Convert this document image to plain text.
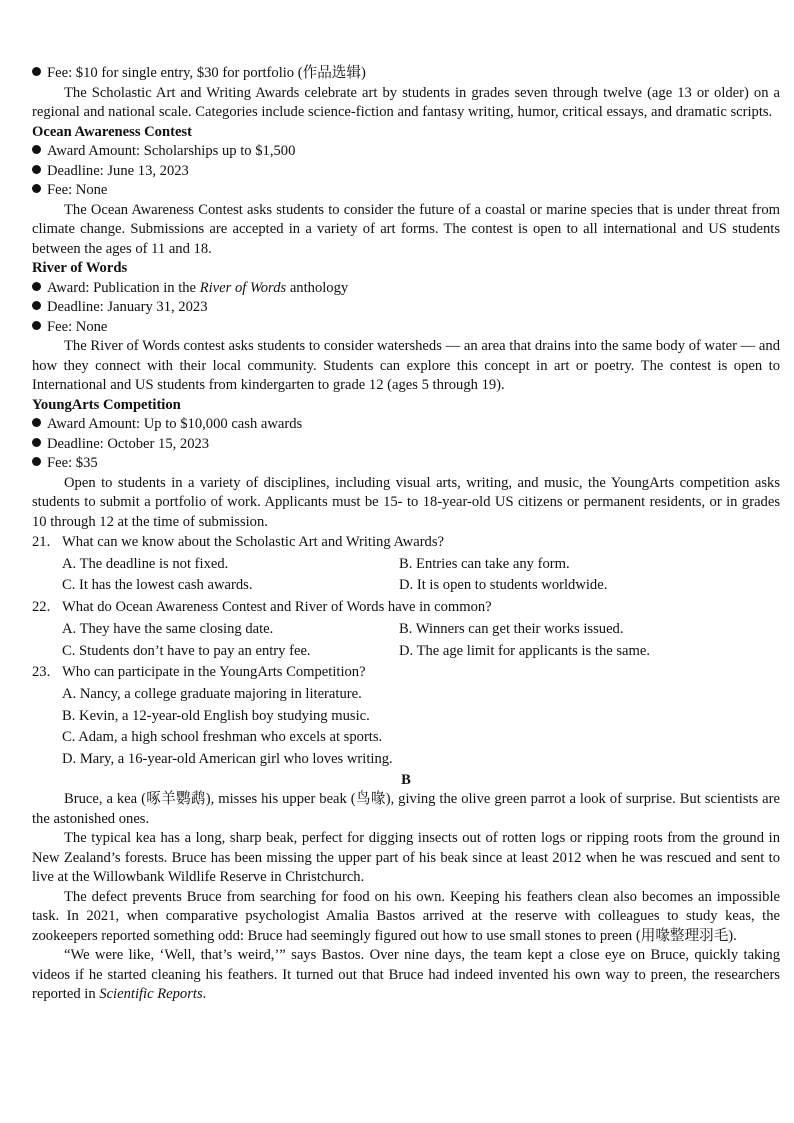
Fee: $10 for single entry, $30 for portfolio (作品选辑)

The Scholastic Art and Writing Awards celebrate art by students in grades seven through twelve (age 13 or older) on a regional and national scale. Categories include science-fiction and fantasy writing, humor, critical essays, and dramatic scripts.

Ocean Awareness Contest

Award Amount: Scholarships up to $1,500

Deadline: June 13, 2023

Fee: None

The Ocean Awareness Contest asks students to consider the future of a coastal or marine species that is under threat from climate change. Submissions are accepted in a variety of art forms. The contest is open to all international and US students between the ages of 11 and 18.

River of Words

Award: Publication in the River of Words anthology

Deadline: January 31, 2023

Fee: None

The River of Words contest asks students to consider watersheds — an area that drains into the same body of water — and how they connect with their local community. Students can explore this concept in art or poetry. The contest is open to International and US students from kindergarten to grade 12 (ages 5 through 19).

YoungArts Competition

Award Amount: Up to $10,000 cash awards

Deadline: October 15, 2023

Fee: $35

Open to students in a variety of disciplines, including visual arts, writing, and music, the YoungArts competition asks students to submit a portfolio of work. Applicants must be 15- to 18-year-old US citizens or permanent residents, or in grades 10 through 12 at the time of submission.

21. What can we know about the Scholastic Art and Writing Awards?

A. The deadline is not fixed.	B. Entries can take any form.
C. It has the lowest cash awards.	D. It is open to students worldwide.

22. What do Ocean Awareness Contest and River of Words have in common?

A. They have the same closing date.	B. Winners can get their works issued.
C. Students don’t have to pay an entry fee.	D. The age limit for applicants is the same.

23. Who can participate in the YoungArts Competition?

A. Nancy, a college graduate majoring in literature.
B. Kevin, a 12-year-old English boy studying music.
C. Adam, a high school freshman who excels at sports.
D. Mary, a 16-year-old American girl who loves writing.

B

Bruce, a kea (啄羊鹦鹉), misses his upper beak (鸟喙), giving the olive green parrot a look of surprise. But scientists are the astonished ones.

The typical kea has a long, sharp beak, perfect for digging insects out of rotten logs or ripping roots from the ground in New Zealand’s forests. Bruce has been missing the upper part of his beak since at least 2012 when he was rescued and sent to live at the Willowbank Wildlife Reserve in Christchurch.

The defect prevents Bruce from searching for food on his own. Keeping his feathers clean also becomes an impossible task. In 2021, when comparative psychologist Amalia Bastos arrived at the reserve with colleagues to study keas, the zookeepers reported something odd: Bruce had seemingly figured out how to use small stones to preen (用喙整理羽毛).

“We were like, ‘Well, that’s weird,’” says Bastos. Over nine days, the team kept a close eye on Bruce, quickly taking videos if he started cleaning his feathers. It turned out that Bruce had indeed invented his own way to preen, the researchers reported in Scientific Reports.
